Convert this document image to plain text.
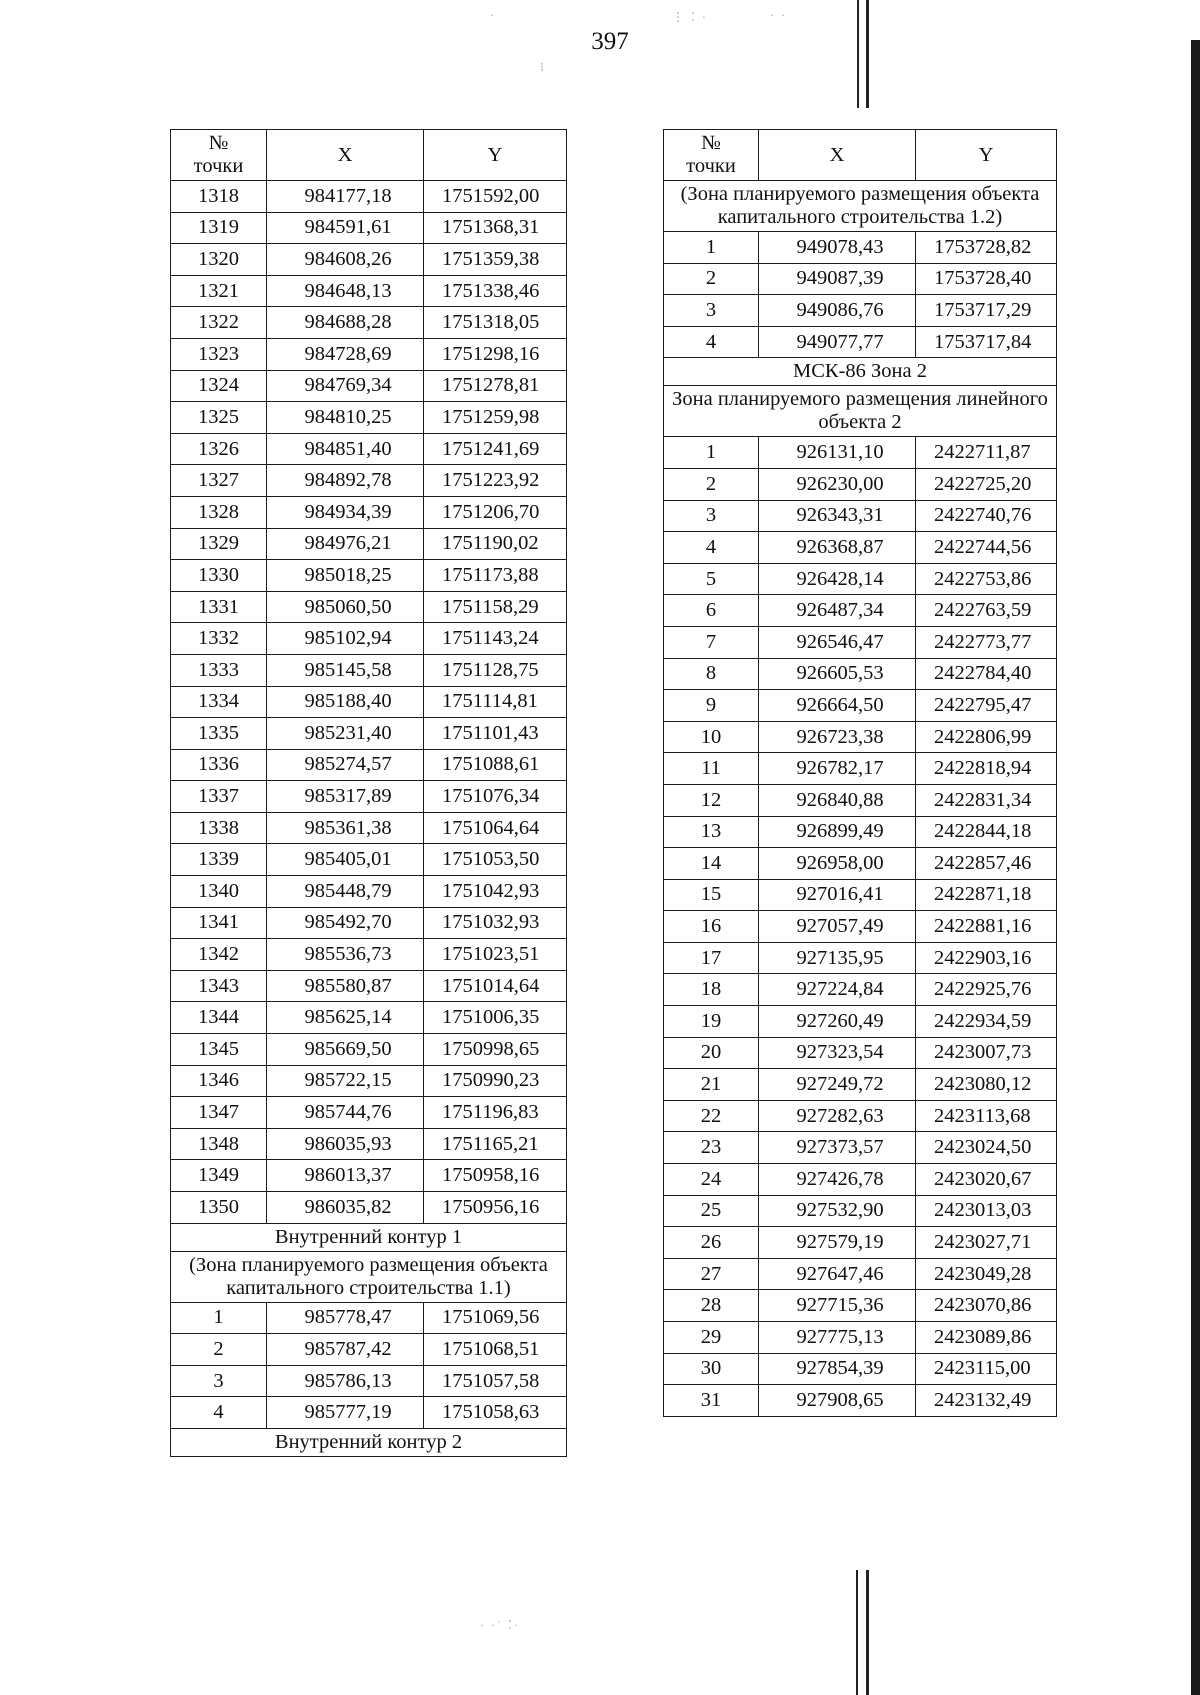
397
⋮ ⁚ ·	· ·
·
⁝
· ·˙ ⁚·
№
точки	X	Y
1318	984177,18	1751592,00
1319	984591,61	1751368,31
1320	984608,26	1751359,38
1321	984648,13	1751338,46
1322	984688,28	1751318,05
1323	984728,69	1751298,16
1324	984769,34	1751278,81
1325	984810,25	1751259,98
1326	984851,40	1751241,69
1327	984892,78	1751223,92
1328	984934,39	1751206,70
1329	984976,21	1751190,02
1330	985018,25	1751173,88
1331	985060,50	1751158,29
1332	985102,94	1751143,24
1333	985145,58	1751128,75
1334	985188,40	1751114,81
1335	985231,40	1751101,43
1336	985274,57	1751088,61
1337	985317,89	1751076,34
1338	985361,38	1751064,64
1339	985405,01	1751053,50
1340	985448,79	1751042,93
1341	985492,70	1751032,93
1342	985536,73	1751023,51
1343	985580,87	1751014,64
1344	985625,14	1751006,35
1345	985669,50	1750998,65
1346	985722,15	1750990,23
1347	985744,76	1751196,83
1348	986035,93	1751165,21
1349	986013,37	1750958,16
1350	986035,82	1750956,16
Внутренний контур 1		
(Зона планируемого размещения объекта капитального строительства 1.1)		
1	985778,47	1751069,56
2	985787,42	1751068,51
3	985786,13	1751057,58
4	985777,19	1751058,63
Внутренний контур 2		
№
точки	X	Y
(Зона планируемого размещения объекта капитального строительства 1.2)		
1	949078,43	1753728,82
2	949087,39	1753728,40
3	949086,76	1753717,29
4	949077,77	1753717,84
МСК-86 Зона 2		
Зона планируемого размещения линейного объекта 2		
1	926131,10	2422711,87
2	926230,00	2422725,20
3	926343,31	2422740,76
4	926368,87	2422744,56
5	926428,14	2422753,86
6	926487,34	2422763,59
7	926546,47	2422773,77
8	926605,53	2422784,40
9	926664,50	2422795,47
10	926723,38	2422806,99
11	926782,17	2422818,94
12	926840,88	2422831,34
13	926899,49	2422844,18
14	926958,00	2422857,46
15	927016,41	2422871,18
16	927057,49	2422881,16
17	927135,95	2422903,16
18	927224,84	2422925,76
19	927260,49	2422934,59
20	927323,54	2423007,73
21	927249,72	2423080,12
22	927282,63	2423113,68
23	927373,57	2423024,50
24	927426,78	2423020,67
25	927532,90	2423013,03
26	927579,19	2423027,71
27	927647,46	2423049,28
28	927715,36	2423070,86
29	927775,13	2423089,86
30	927854,39	2423115,00
31	927908,65	2423132,49
